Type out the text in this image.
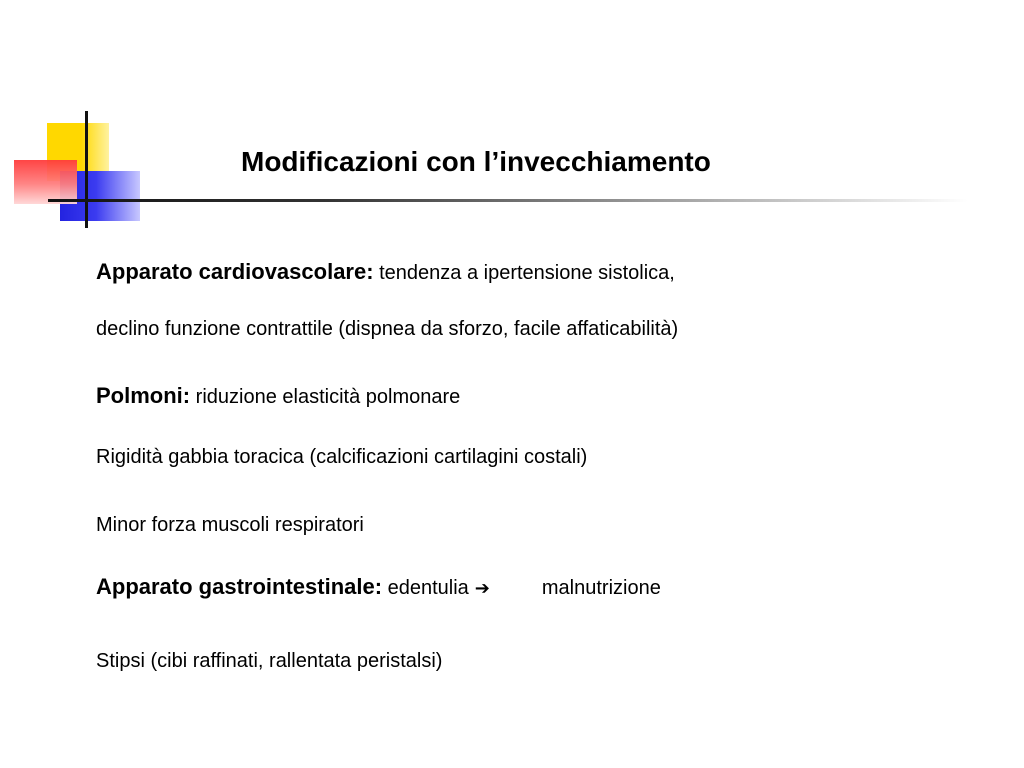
Modificazioni con l’invecchiamento
Apparato cardiovascolare: tendenza a ipertensione sistolica,
declino funzione contrattile (dispnea da sforzo, facile affaticabilità)
Polmoni: riduzione elasticità polmonare
Rigidità gabbia toracica (calcificazioni cartilagini costali)
Minor forza muscoli respiratori
Apparato gastrointestinale: edentulia ➔	malnutrizione
Stipsi (cibi raffinati, rallentata peristalsi)
